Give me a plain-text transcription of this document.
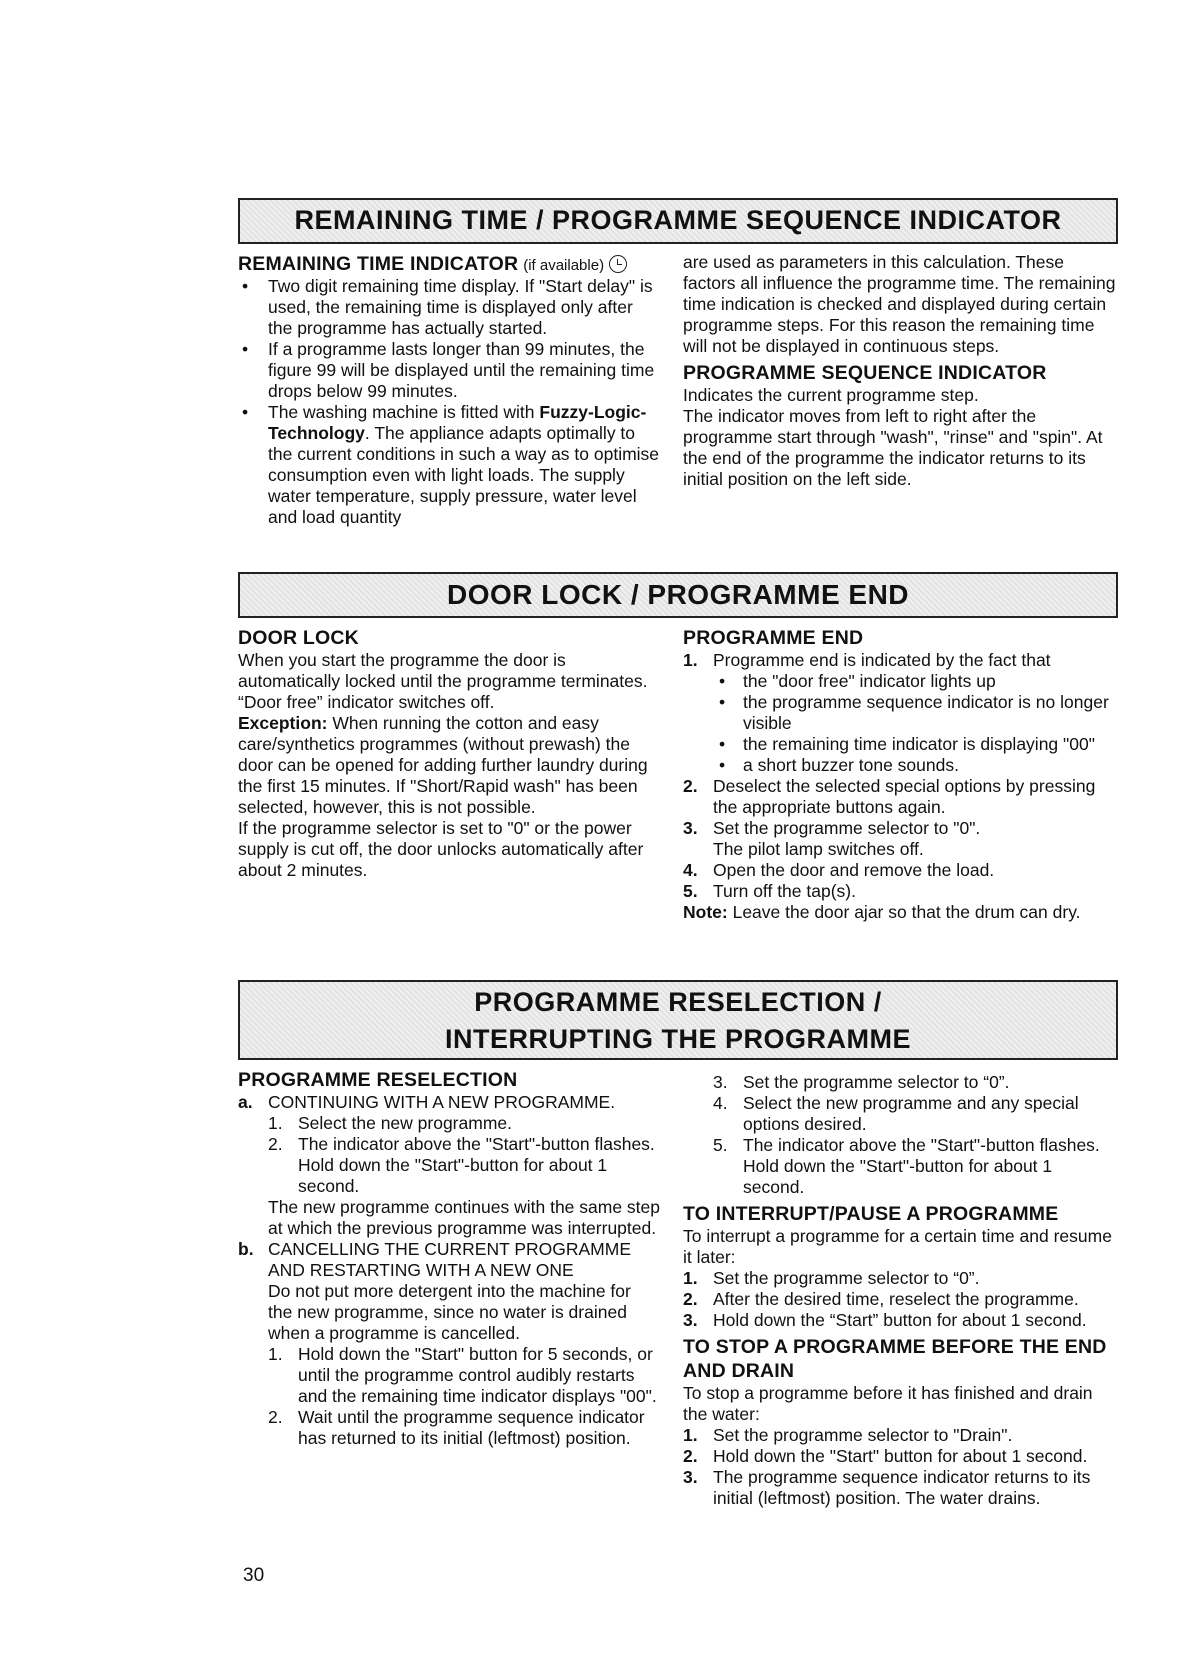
REMAINING TIME / PROGRAMME SEQUENCE INDICATOR
REMAINING TIME INDICATOR (if available)
• Two digit remaining time display. If "Start delay" is used, the remaining time is displayed only after the programme has actually started.
• If a programme lasts longer than 99 minutes, the figure 99 will be displayed until the remaining time drops below 99 minutes.
• The washing machine is fitted with Fuzzy-Logic-Technology. The appliance adapts optimally to the current conditions in such a way as to optimise consumption even with light loads. The supply water temperature, supply pressure, water level and load quantity
are used as parameters in this calculation. These factors all influence the programme time. The remaining time indication is checked and displayed during certain programme steps. For this reason the remaining time will not be displayed in continuous steps.
PROGRAMME SEQUENCE INDICATOR
Indicates the current programme step.
The indicator moves from left to right after the programme start through "wash", "rinse" and "spin". At the end of the programme the indicator returns to its initial position on the left side.
DOOR LOCK / PROGRAMME END
DOOR LOCK
When you start the programme the door is automatically locked until the programme terminates.
“Door free” indicator switches off.
Exception: When running the cotton and easy care/synthetics programmes (without prewash) the door can be opened for adding further laundry during the first 15 minutes. If "Short/Rapid wash" has been selected, however, this is not possible.
If the programme selector is set to "0" or the power supply is cut off, the door unlocks automatically after about 2 minutes.
PROGRAMME END
1. Programme end is indicated by the fact that
• the "door free" indicator lights up
• the programme sequence indicator is no longer visible
• the remaining time indicator is displaying "00"
• a short buzzer tone sounds.
2. Deselect the selected special options by pressing the appropriate buttons again.
3. Set the programme selector to "0".
The pilot lamp switches off.
4. Open the door and remove the load.
5. Turn off the tap(s).
Note: Leave the door ajar so that the drum can dry.
PROGRAMME RESELECTION /
INTERRUPTING THE PROGRAMME
PROGRAMME RESELECTION
a. CONTINUING WITH A NEW PROGRAMME.
1. Select the new programme.
2. The indicator above the "Start"-button flashes. Hold down the "Start"-button for about 1 second.
The new programme continues with the same step at which the previous programme was interrupted.
b. CANCELLING THE CURRENT PROGRAMME AND RESTARTING WITH A NEW ONE
Do not put more detergent into the machine for the new programme, since no water is drained when a programme is cancelled.
1. Hold down the "Start" button for 5 seconds, or until the programme control audibly restarts and the remaining time indicator displays "00".
2. Wait until the programme sequence indicator has returned to its initial (leftmost) position.
3. Set the programme selector to “0”.
4. Select the new programme and any special options desired.
5. The indicator above the "Start"-button flashes. Hold down the "Start"-button for about 1 second.
TO INTERRUPT/PAUSE A PROGRAMME
To interrupt a programme for a certain time and resume it later:
1. Set the programme selector to “0”.
2. After the desired time, reselect the programme.
3. Hold down the “Start” button for about 1 second.
TO STOP A PROGRAMME BEFORE THE END AND DRAIN
To stop a programme before it has finished and drain the water:
1. Set the programme selector to "Drain".
2. Hold down the "Start" button for about 1 second.
3. The programme sequence indicator returns to its initial (leftmost) position. The water drains.
30
